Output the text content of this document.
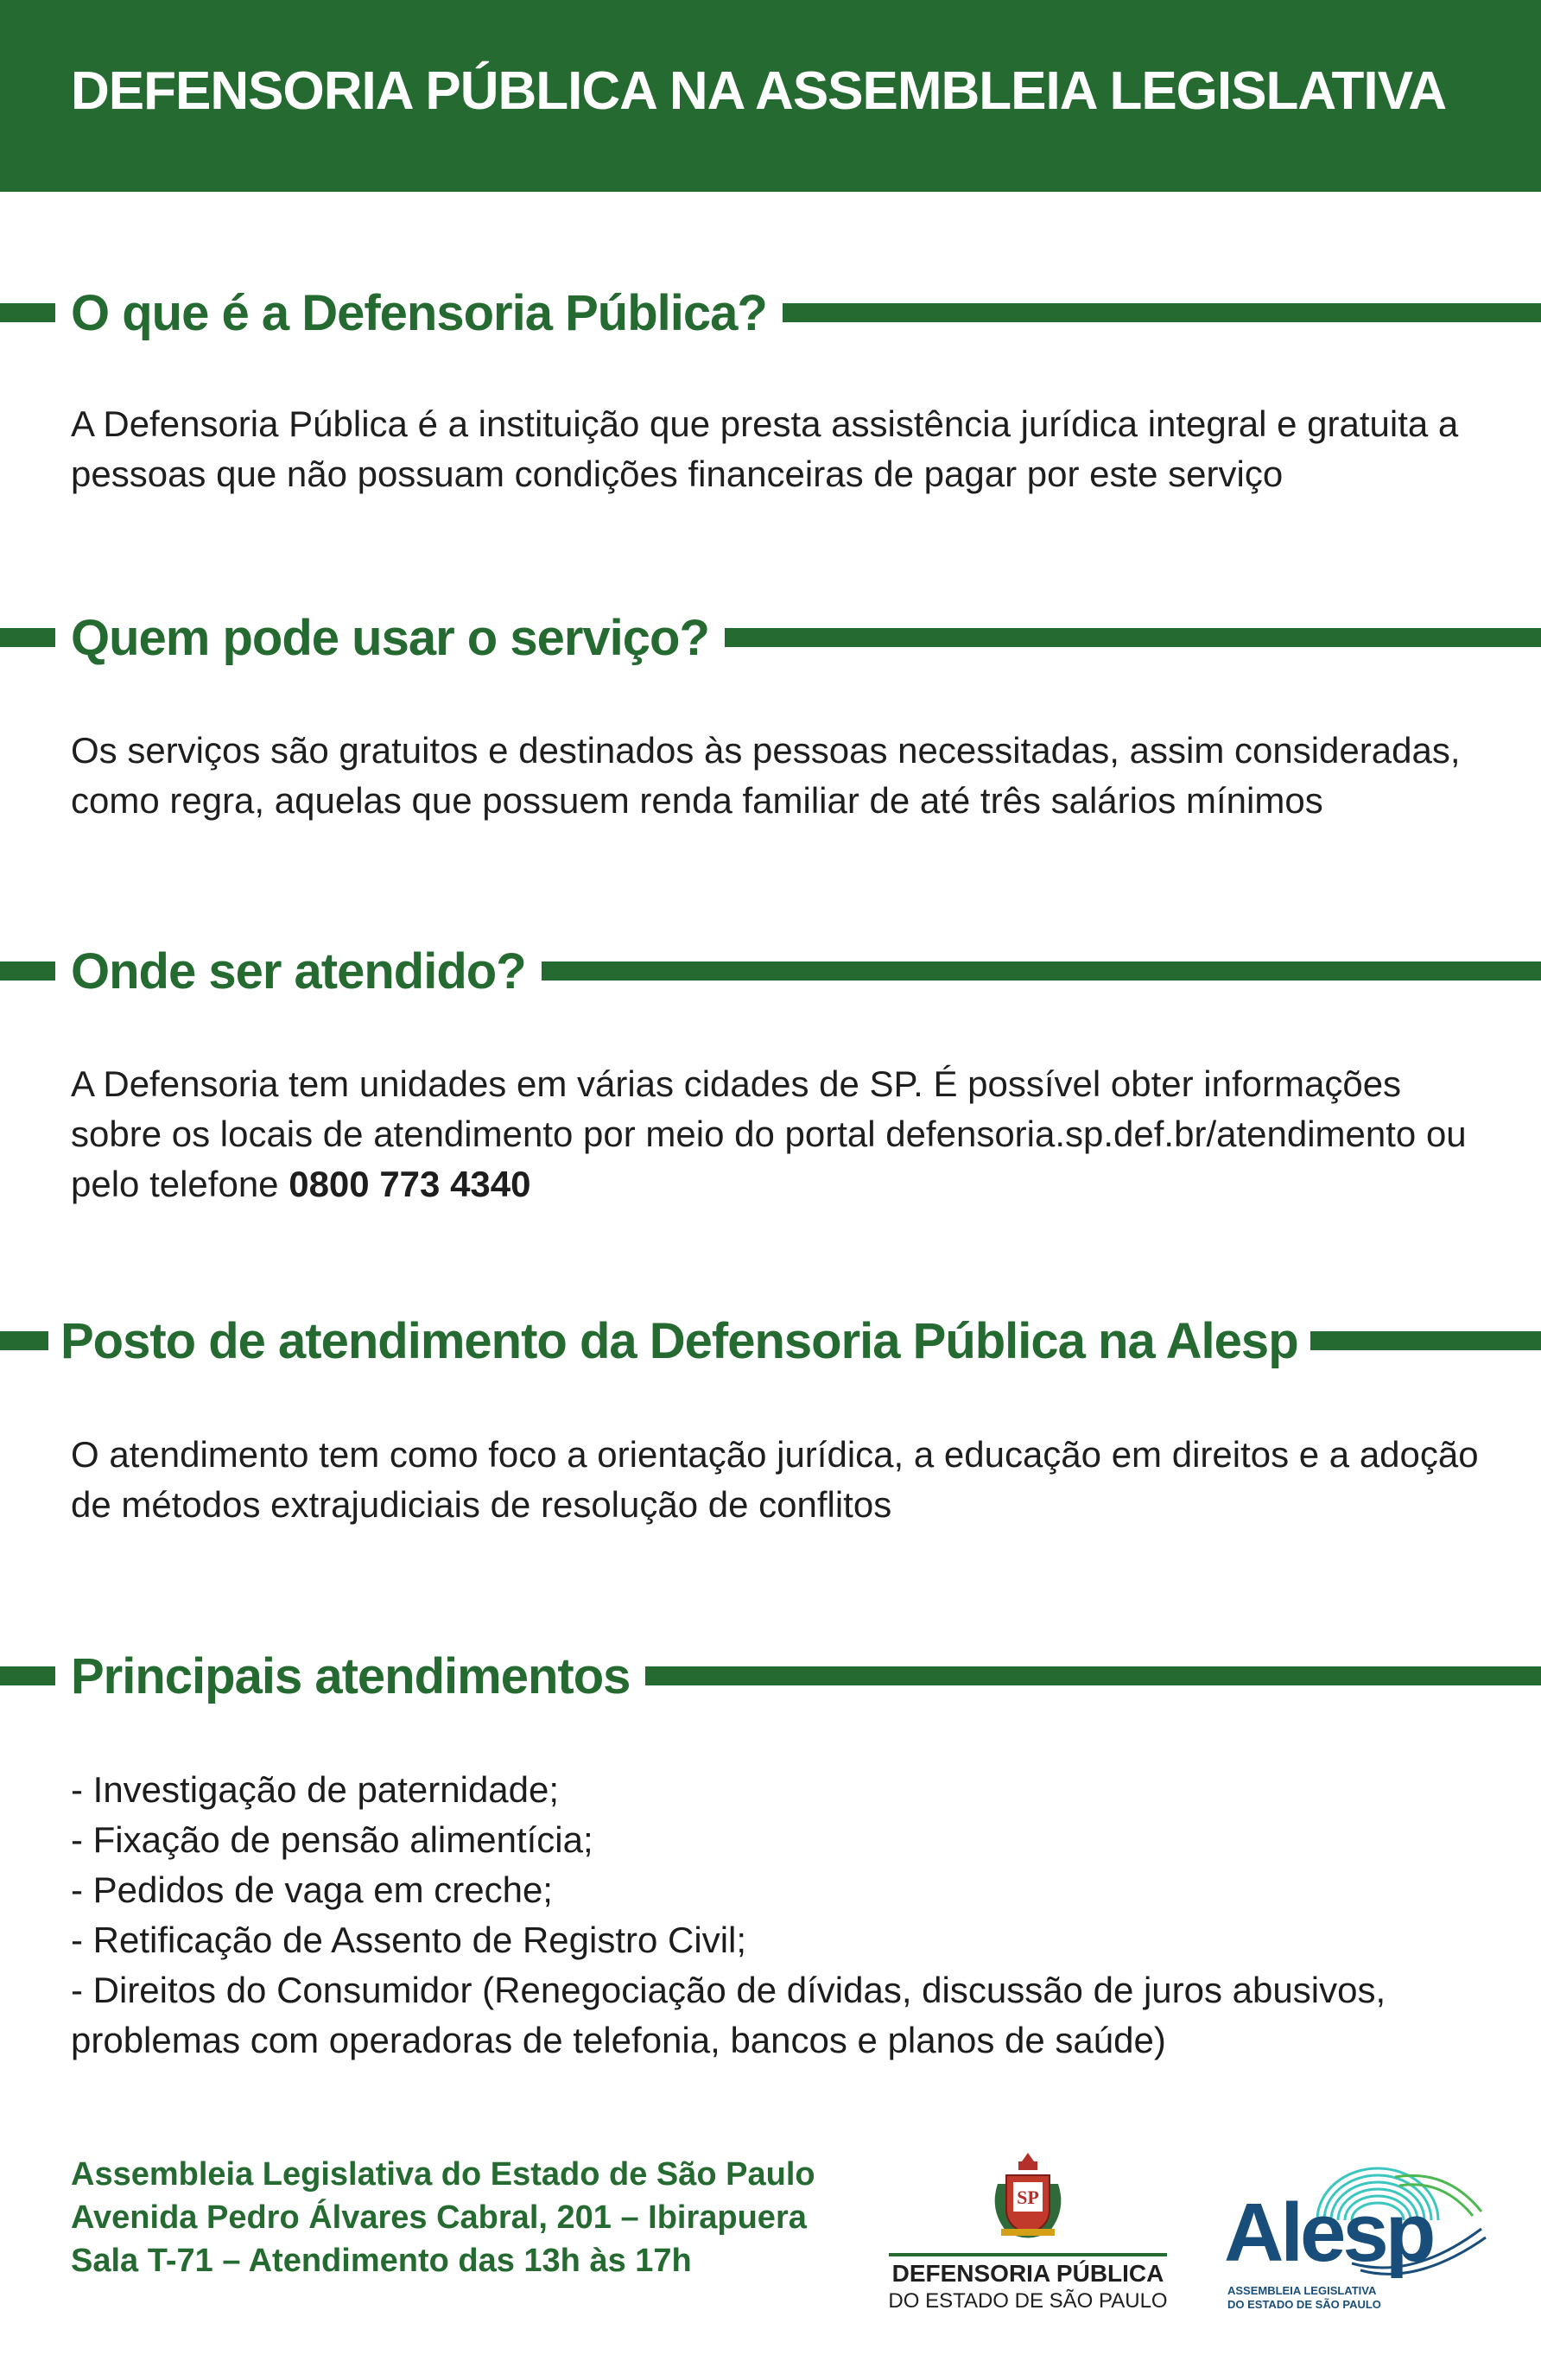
DEFENSORIA PÚBLICA NA ASSEMBLEIA LEGISLATIVA
O que é a Defensoria Pública?

A Defensoria Pública é a instituição que presta assistência jurídica integral e gratuita a pessoas que não possuam condições financeiras de pagar por este serviço

Quem pode usar o serviço?

Os serviços são gratuitos e destinados às pessoas necessitadas, assim consideradas, como regra, aquelas que possuem renda familiar de até três salários mínimos

Onde ser atendido?

A Defensoria tem unidades em várias cidades de SP. É possível obter informações sobre os locais de atendimento por meio do portal defensoria.sp.def.br/atendimento ou pelo telefone 0800 773 4340

Posto de atendimento da Defensoria Pública na Alesp

O atendimento tem como foco a orientação jurídica, a educação em direitos e a adoção de métodos extrajudiciais de resolução de conflitos

Principais atendimentos
- Investigação de paternidade;
- Fixação de pensão alimentícia;
- Pedidos de vaga em creche;
- Retificação de Assento de Registro Civil;
- Direitos do Consumidor (Renegociação de dívidas, discussão de juros abusivos, problemas com operadoras de telefonia, bancos e planos de saúde)
Assembleia Legislativa do Estado de São Paulo
Avenida Pedro Álvares Cabral, 201 – Ibirapuera
Sala T-71 – Atendimento das 13h às 17h
SP
DEFENSORIA PÚBLICA
DO ESTADO DE SÃO PAULO
Alesp
ASSEMBLEIA LEGISLATIVA
DO ESTADO DE SÃO PAULO
